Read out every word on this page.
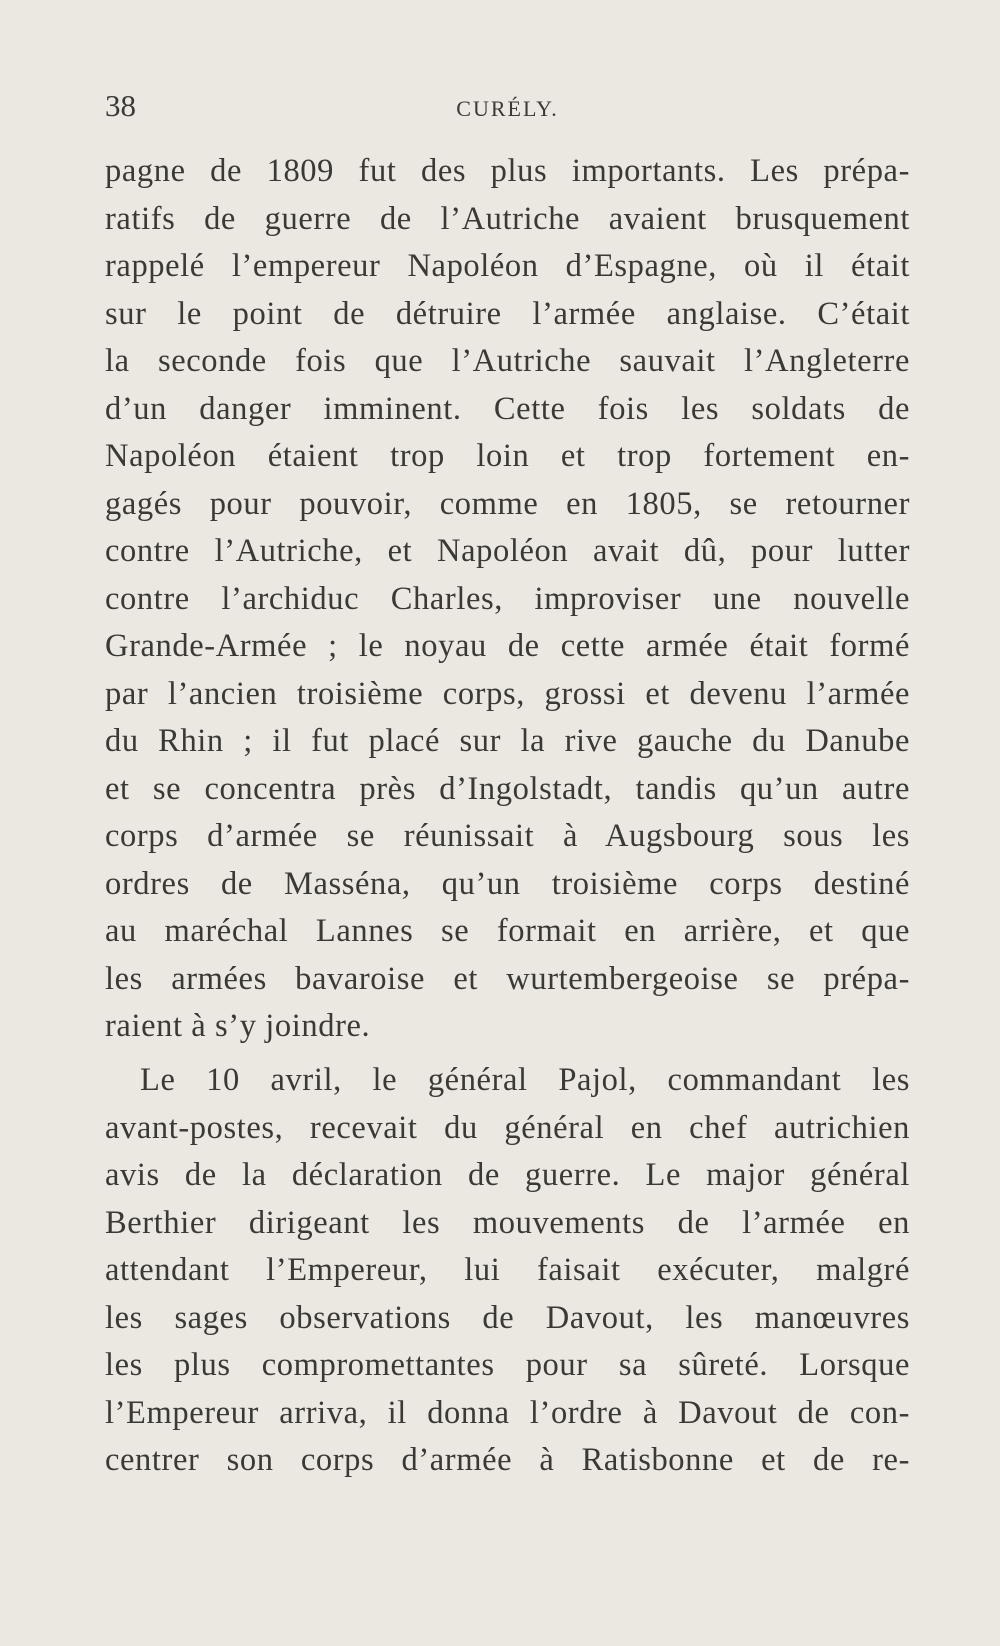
38	CURÉLY.
pagne de 1809 fut des plus importants. Les prépa-
ratifs de guerre de l’Autriche avaient brusquement
rappelé l’empereur Napoléon d’Espagne, où il était
sur le point de détruire l’armée anglaise. C’était
la seconde fois que l’Autriche sauvait l’Angleterre
d’un danger imminent. Cette fois les soldats de
Napoléon étaient trop loin et trop fortement en-
gagés pour pouvoir, comme en 1805, se retourner
contre l’Autriche, et Napoléon avait dû, pour lutter
contre l’archiduc Charles, improviser une nouvelle
Grande-Armée ; le noyau de cette armée était formé
par l’ancien troisième corps, grossi et devenu l’armée
du Rhin ; il fut placé sur la rive gauche du Danube
et se concentra près d’Ingolstadt, tandis qu’un autre
corps d’armée se réunissait à Augsbourg sous les
ordres de Masséna, qu’un troisième corps destiné
au maréchal Lannes se formait en arrière, et que
les armées bavaroise et wurtembergeoise se prépa-
raient à s’y joindre.
Le 10 avril, le général Pajol, commandant les
avant-postes, recevait du général en chef autrichien
avis de la déclaration de guerre. Le major général
Berthier dirigeant les mouvements de l’armée en
attendant l’Empereur, lui faisait exécuter, malgré
les sages observations de Davout, les manœuvres
les plus compromettantes pour sa sûreté. Lorsque
l’Empereur arriva, il donna l’ordre à Davout de con-
centrer son corps d’armée à Ratisbonne et de re-
